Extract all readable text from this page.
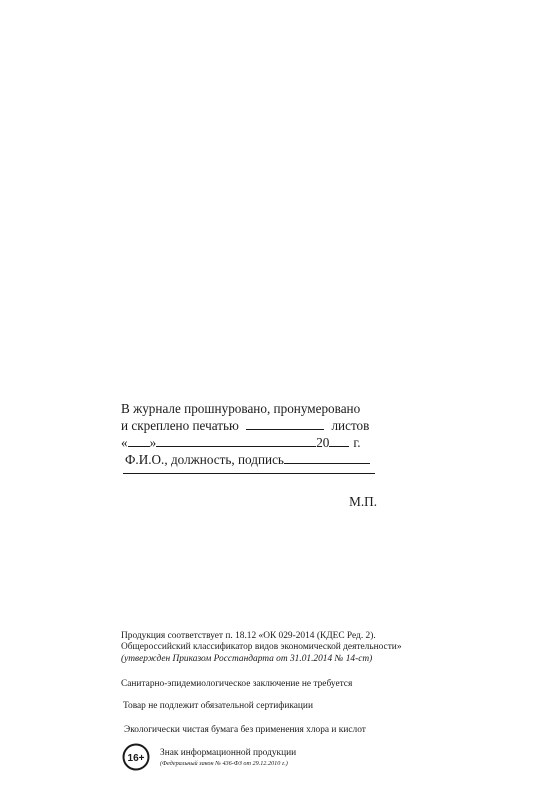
В журнале прошнуровано, пронумеровано
и скреплено печатью	листов
« »	20 г.
Ф.И.О., должность, подпись
М.П.
Продукция соответствует п. 18.12 «ОК 029-2014 (КДЕС Ред. 2).
Общероссийский классификатор видов экономической деятельности»
(утвержден Приказом Росстандарта от 31.01.2014 № 14-ст)
Санитарно-эпидемиологическое заключение не требуется
Товар не подлежит обязательной сертификации
Экологически чистая бумага без применения хлора и кислот
16+ Знак информационной продукции
(Федеральный закон № 436-ФЗ от 29.12.2010 г.)
